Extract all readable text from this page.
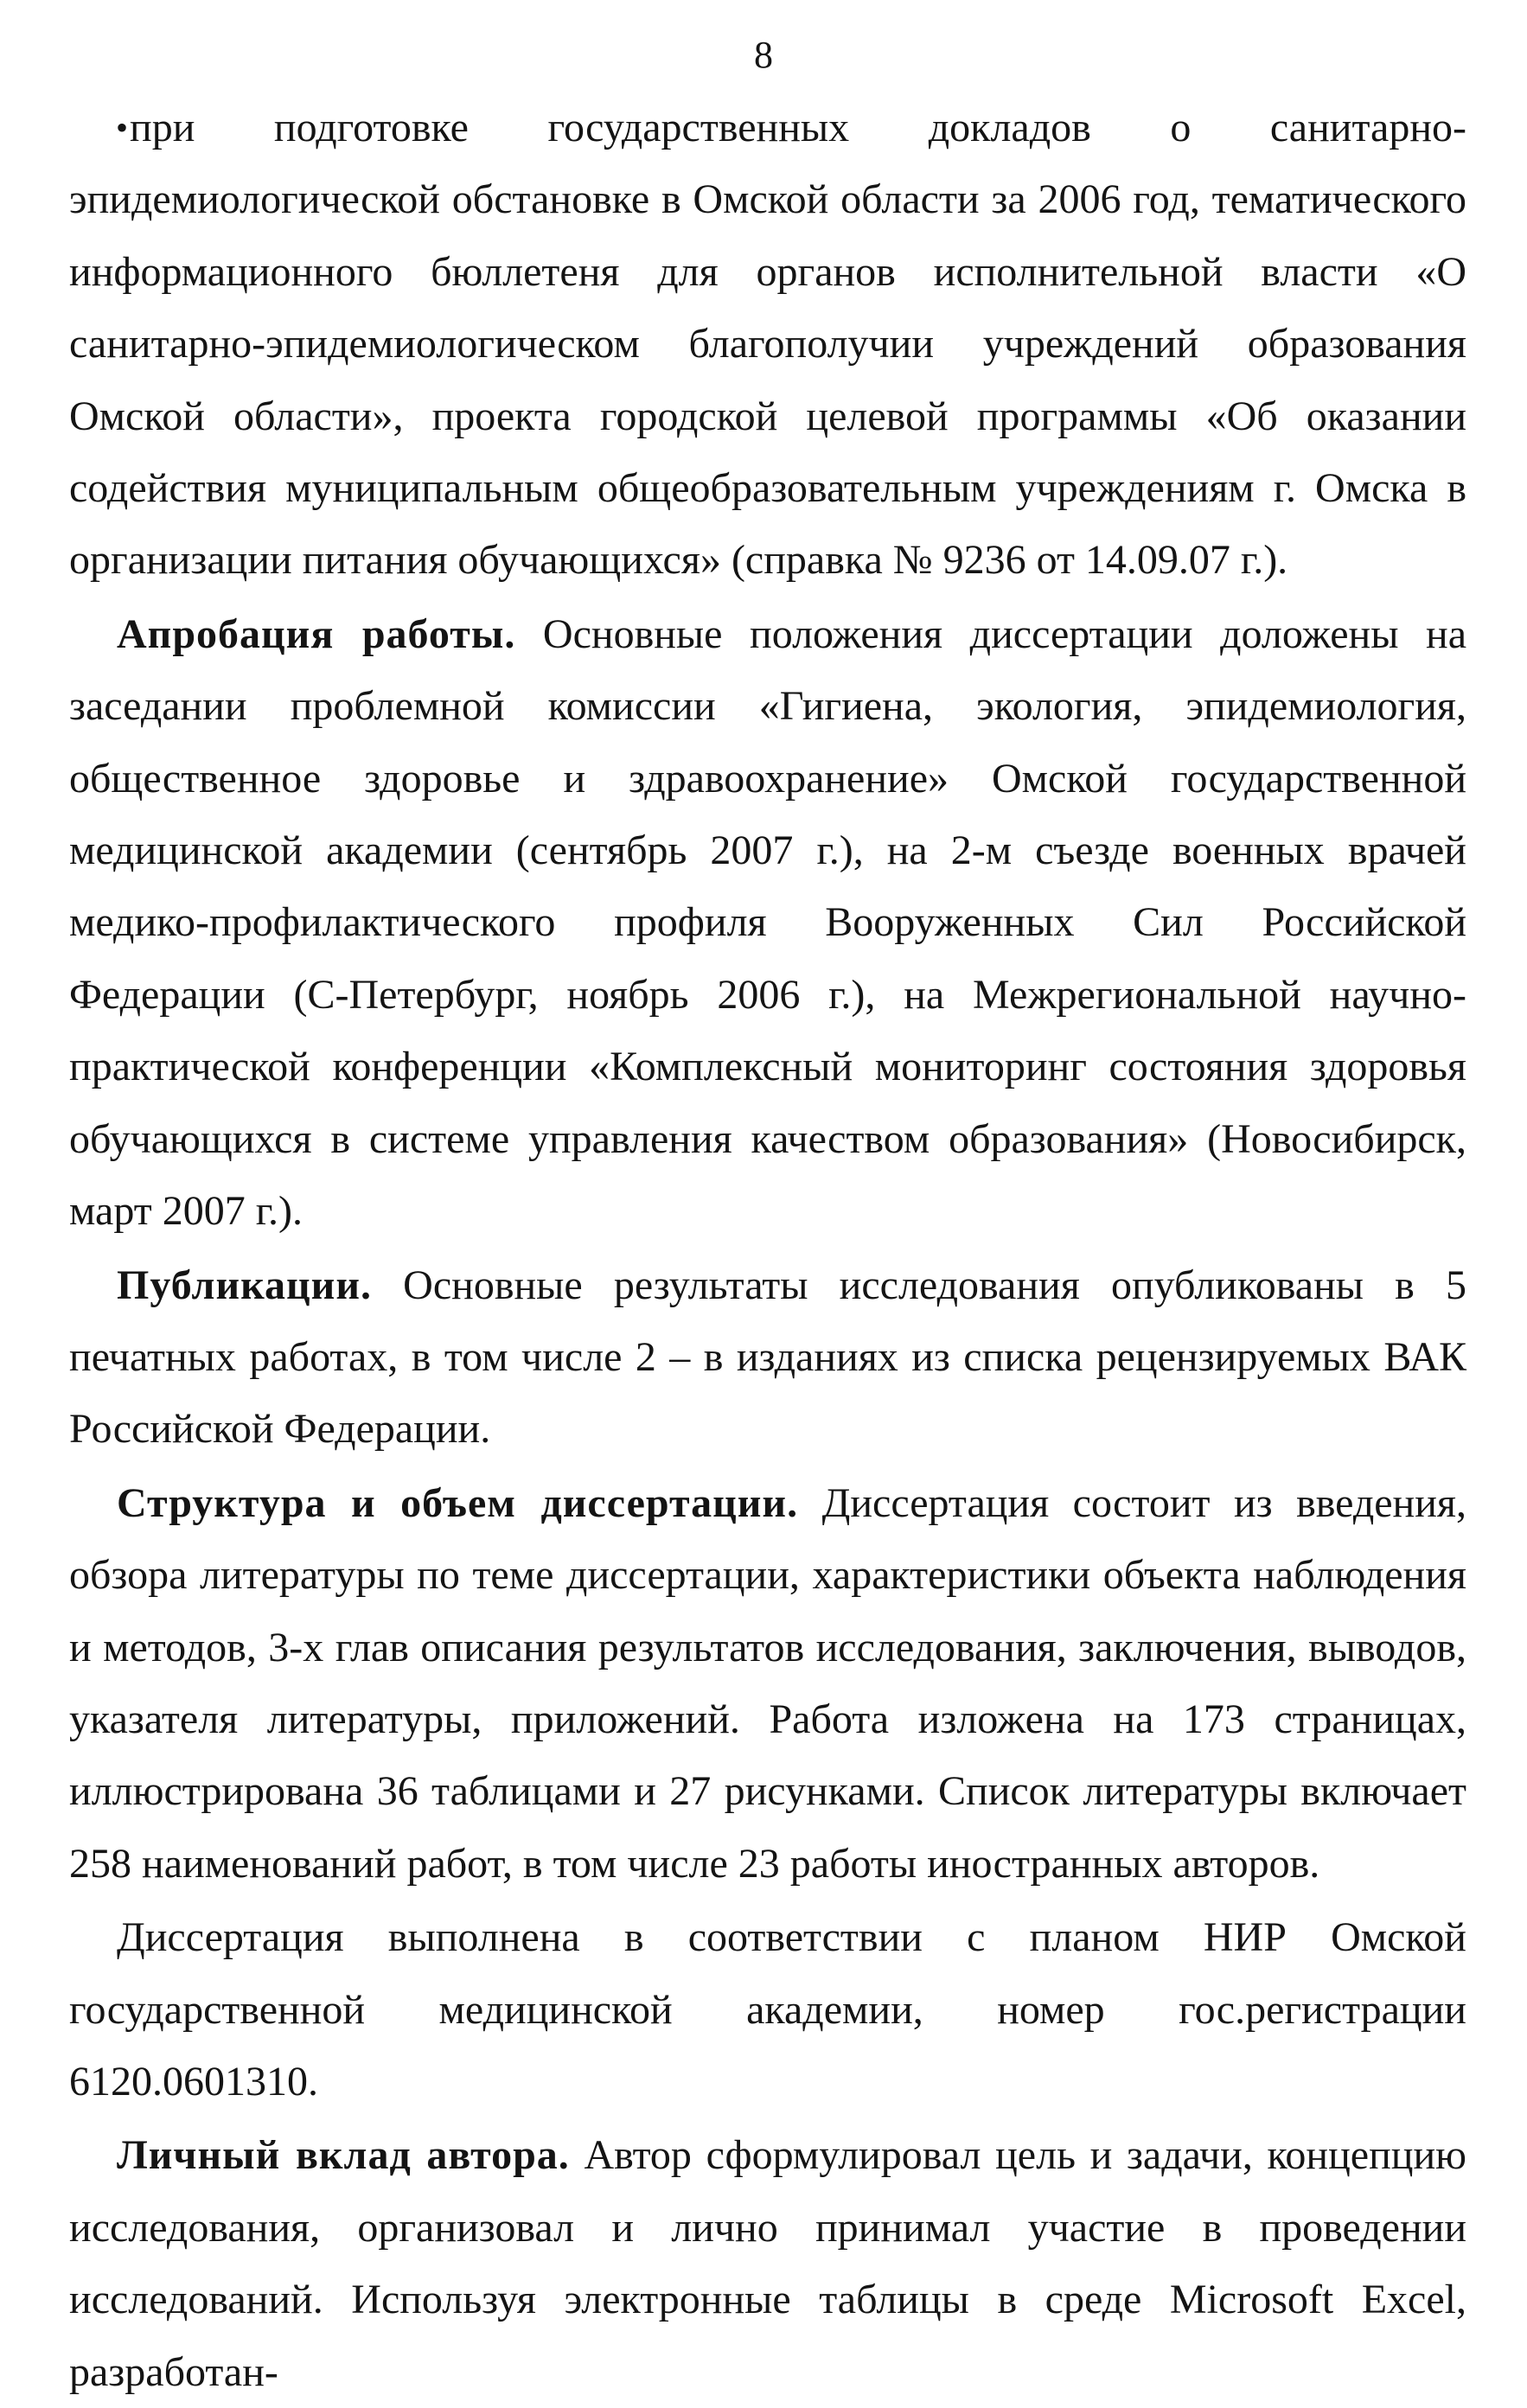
8

• при подготовке государственных докладов о санитарно-эпидемиологической обстановке в Омской области за 2006 год, тематического информационного бюллетеня для органов исполнительной власти «О санитарно-эпидемиологическом благополучии учреждений образования Омской области», проекта городской целевой программы «Об оказании содействия муниципальным общеобразовательным учреждениям г. Омска в организации питания обучающихся» (справка № 9236 от 14.09.07 г.).

Апробация работы. Основные положения диссертации доложены на заседании проблемной комиссии «Гигиена, экология, эпидемиология, общественное здоровье и здравоохранение» Омской государственной медицинской академии (сентябрь 2007 г.), на 2-м съезде военных врачей медико-профилактического профиля Вооруженных Сил Российской Федерации (С-Петербург, ноябрь 2006 г.), на Межрегиональной научно-практической конференции «Комплексный мониторинг состояния здоровья обучающихся в системе управления качеством образования» (Новосибирск, март 2007 г.).

Публикации. Основные результаты исследования опубликованы в 5 печатных работах, в том числе 2 – в изданиях из списка рецензируемых ВАК Российской Федерации.

Структура и объем диссертации. Диссертация состоит из введения, обзора литературы по теме диссертации, характеристики объекта наблюдения и методов, 3-х глав описания результатов исследования, заключения, выводов, указателя литературы, приложений. Работа изложена на 173 страницах, иллюстрирована 36 таблицами и 27 рисунками. Список литературы включает 258 наименований работ, в том числе 23 работы иностранных авторов.

Диссертация выполнена в соответствии с планом НИР Омской государственной медицинской академии, номер гос.регистрации 6120.0601310.

Личный вклад автора. Автор сформулировал цель и задачи, концепцию исследования, организовал и лично принимал участие в проведении исследований. Используя электронные таблицы в среде Microsoft Excel, разработан-
